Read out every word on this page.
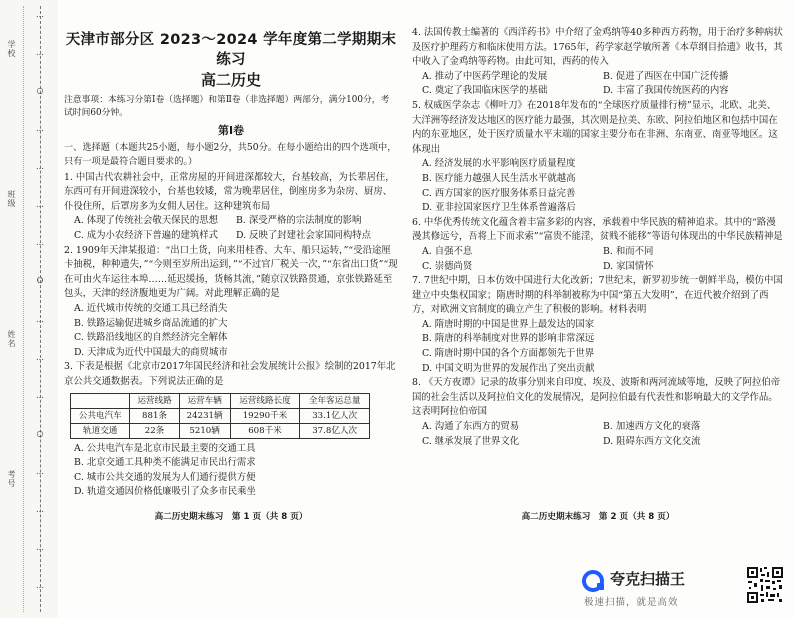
…
…
○
…
…
…
…
O
…
…
…
○
…
…
…
…
学校
班级
姓名
考号
天津市部分区 2023～2024 学年度第二学期期末练习
高二历史
注意事项：本练习分第Ⅰ卷（选择题）和第Ⅱ卷（非选择题）两部分，满分100分，考试时间60分钟。
第Ⅰ卷
一、选择题（本题共25小题，每小题2分，共50分。在每小题给出的四个选项中，只有一项是最符合题目要求的。）
1. 中国古代农耕社会中，正常房屋的开间进深都较大，台基较高，为长辈居住，东西可有开间进深较小，台基也较矮，常为晚辈居住，倒座房多为杂房、厨房、仆役住所，后罩房多为女佣人居住。这种建筑布局
A. 体现了传统社会敬天保民的思想	B. 深受严格的宗法制度的影响
C. 成为小农经济下普遍的建筑样式	D. 反映了封建社会家国同构特点
2. 1909年天津某报道：“出口土货，向来用桂香、大车、船只运转，”“受沿途厘卡抽税，种种遗失，”“今则至岁所出运到，”“不过官厂税关一次，”“东省出口货”“现在可由火车运往本埠……延迟缓扬，货畅其流，”随京汉铁路贯通，京张铁路延至包头，天津的经济腹地更为广阔。对此理解正确的是
A. 近代城市传统的交通工具已经消失
B. 铁路运输促进城乡商品流通的扩大
C. 铁路沿线地区的自然经济完全解体
D. 天津成为近代中国最大的商贸城市
3. 下表是根据《北京市2017年国民经济和社会发展统计公报》绘制的2017年北京公共交通数据表。下列说法正确的是
	运营线路	运营车辆	运营线路长度	全年客运总量
公共电汽车	881条	24231辆	19290千米	33.1亿人次
轨道交通	22条	5210辆	608千米	37.8亿人次
A. 公共电汽车是北京市民最主要的交通工具
B. 北京交通工具种类不能满足市民出行需求
C. 城市公共交通的发展为人们通行提供方便
D. 轨道交通因价格低廉吸引了众多市民乘坐
4. 法国传教士编著的《西洋药书》中介绍了金鸡纳等40多种西方药物，用于治疗多种病状及医疗护理药方和临床使用方法。1765年，药学家赵学敏所著《本草纲目拾遗》收书，其中收入了金鸡纳等药物。由此可知，西药的传入
A. 推动了中医药学理论的发展	B. 促进了西医在中国广泛传播
C. 奠定了我国临床医学的基础	D. 丰富了我国传统医药的内容
5. 权威医学杂志《柳叶刀》在2018年发布的“全球医疗质量排行榜”显示，北欧、北美、大洋洲等经济发达地区的医疗能力最强，其次则是拉美、东欧、阿拉伯地区和包括中国在内的东亚地区，处于医疗质量水平末端的国家主要分布在非洲、东南亚、南亚等地区。这体现出
A. 经济发展的水平影响医疗质量程度
B. 医疗能力越强人民生活水平就越高
C. 西方国家的医疗服务体系日益完善
D. 亚非拉国家医疗卫生体系普遍落后
6. 中华优秀传统文化蕴含着丰富多彩的内容，承载着中华民族的精神追求。其中的“路漫漫其修远兮，吾将上下而求索”“富贵不能淫，贫贱不能移”等语句体现出的中华民族精神是
A. 自强不息	B. 和而不同
C. 崇德尚贤	D. 家国情怀
7. 7世纪中期，日本仿效中国进行大化改新；7世纪末，新罗初步统一朝鲜半岛，模仿中国建立中央集权国家；隋唐时期的科举制被称为中国“第五大发明”，在近代被介绍到了西方，对欧洲文官制度的确立产生了积极的影响。材料表明
A. 隋唐时期的中国是世界上最发达的国家
B. 隋唐的科举制度对世界的影响非常深远
C. 隋唐时期中国的各个方面都领先于世界
D. 中国文明为世界的发展作出了突出贡献
8. 《天方夜谭》记录的故事分别来自印度、埃及、波斯和两河流域等地，反映了阿拉伯帝国的社会生活以及阿拉伯文化的发展情况，是阿拉伯最有代表性和影响最大的文学作品。这表明阿拉伯帝国
A. 沟通了东西方的贸易	B. 加速西方文化的衰落
C. 继承发展了世界文化	D. 阻碍东西方文化交流
高二历史期末练习　第 1 页（共 8 页）	高二历史期末练习　第 2 页（共 8 页）
夸克扫描王
极速扫描，就是高效
